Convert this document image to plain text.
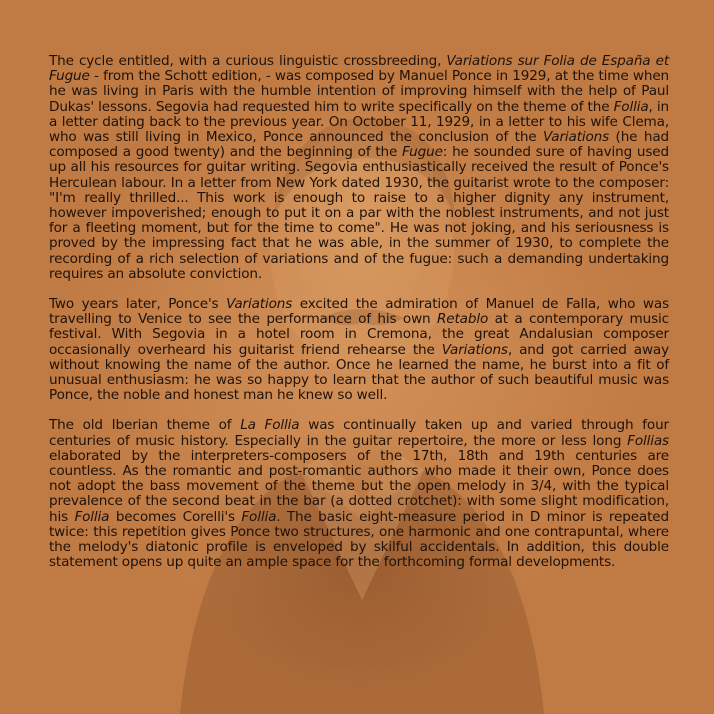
The cycle entitled, with a curious linguistic crossbreeding, Variations sur Folia de España et Fugue - from the Schott edition, - was composed by Manuel Ponce in 1929, at the time when he was living in Paris with the humble intention of improving himself with the help of Paul Dukas' lessons. Segovia had requested him to write specifically on the theme of the Follia, in a letter dating back to the previous year. On October 11, 1929, in a letter to his wife Clema, who was still living in Mexico, Ponce announced the conclusion of the Variations (he had composed a good twenty) and the beginning of the Fugue: he sounded sure of having used up all his resources for guitar writing. Segovia enthusiastically received the result of Ponce's Herculean labour. In a letter from New York dated 1930, the guitarist wrote to the composer: "I'm really thrilled... This work is enough to raise to a higher dignity any instrument, however impoverished; enough to put it on a par with the noblest instruments, and not just for a fleeting moment, but for the time to come". He was not joking, and his seriousness is proved by the impressing fact that he was able, in the summer of 1930, to complete the recording of a rich selection of variations and of the fugue: such a demanding undertaking requires an absolute conviction.

Two years later, Ponce's Variations excited the admiration of Manuel de Falla, who was travelling to Venice to see the performance of his own Retablo at a contemporary music festival. With Segovia in a hotel room in Cremona, the great Andalusian composer occasionally overheard his guitarist friend rehearse the Variations, and got carried away without knowing the name of the author. Once he learned the name, he burst into a fit of unusual enthusiasm: he was so happy to learn that the author of such beautiful music was Ponce, the noble and honest man he knew so well.

The old Iberian theme of La Follia was continually taken up and varied through four centuries of music history. Especially in the guitar repertoire, the more or less long Follias elaborated by the interpreters-composers of the 17th, 18th and 19th centuries are countless. As the romantic and post-romantic authors who made it their own, Ponce does not adopt the bass movement of the theme but the open melody in 3/4, with the typical prevalence of the second beat in the bar (a dotted crotchet): with some slight modification, his Follia becomes Corelli's Follia. The basic eight-measure period in D minor is repeated twice: this repetition gives Ponce two structures, one harmonic and one contrapuntal, where the melody's diatonic profile is enveloped by skilful accidentals. In addition, this double statement opens up quite an ample space for the forthcoming formal developments.
